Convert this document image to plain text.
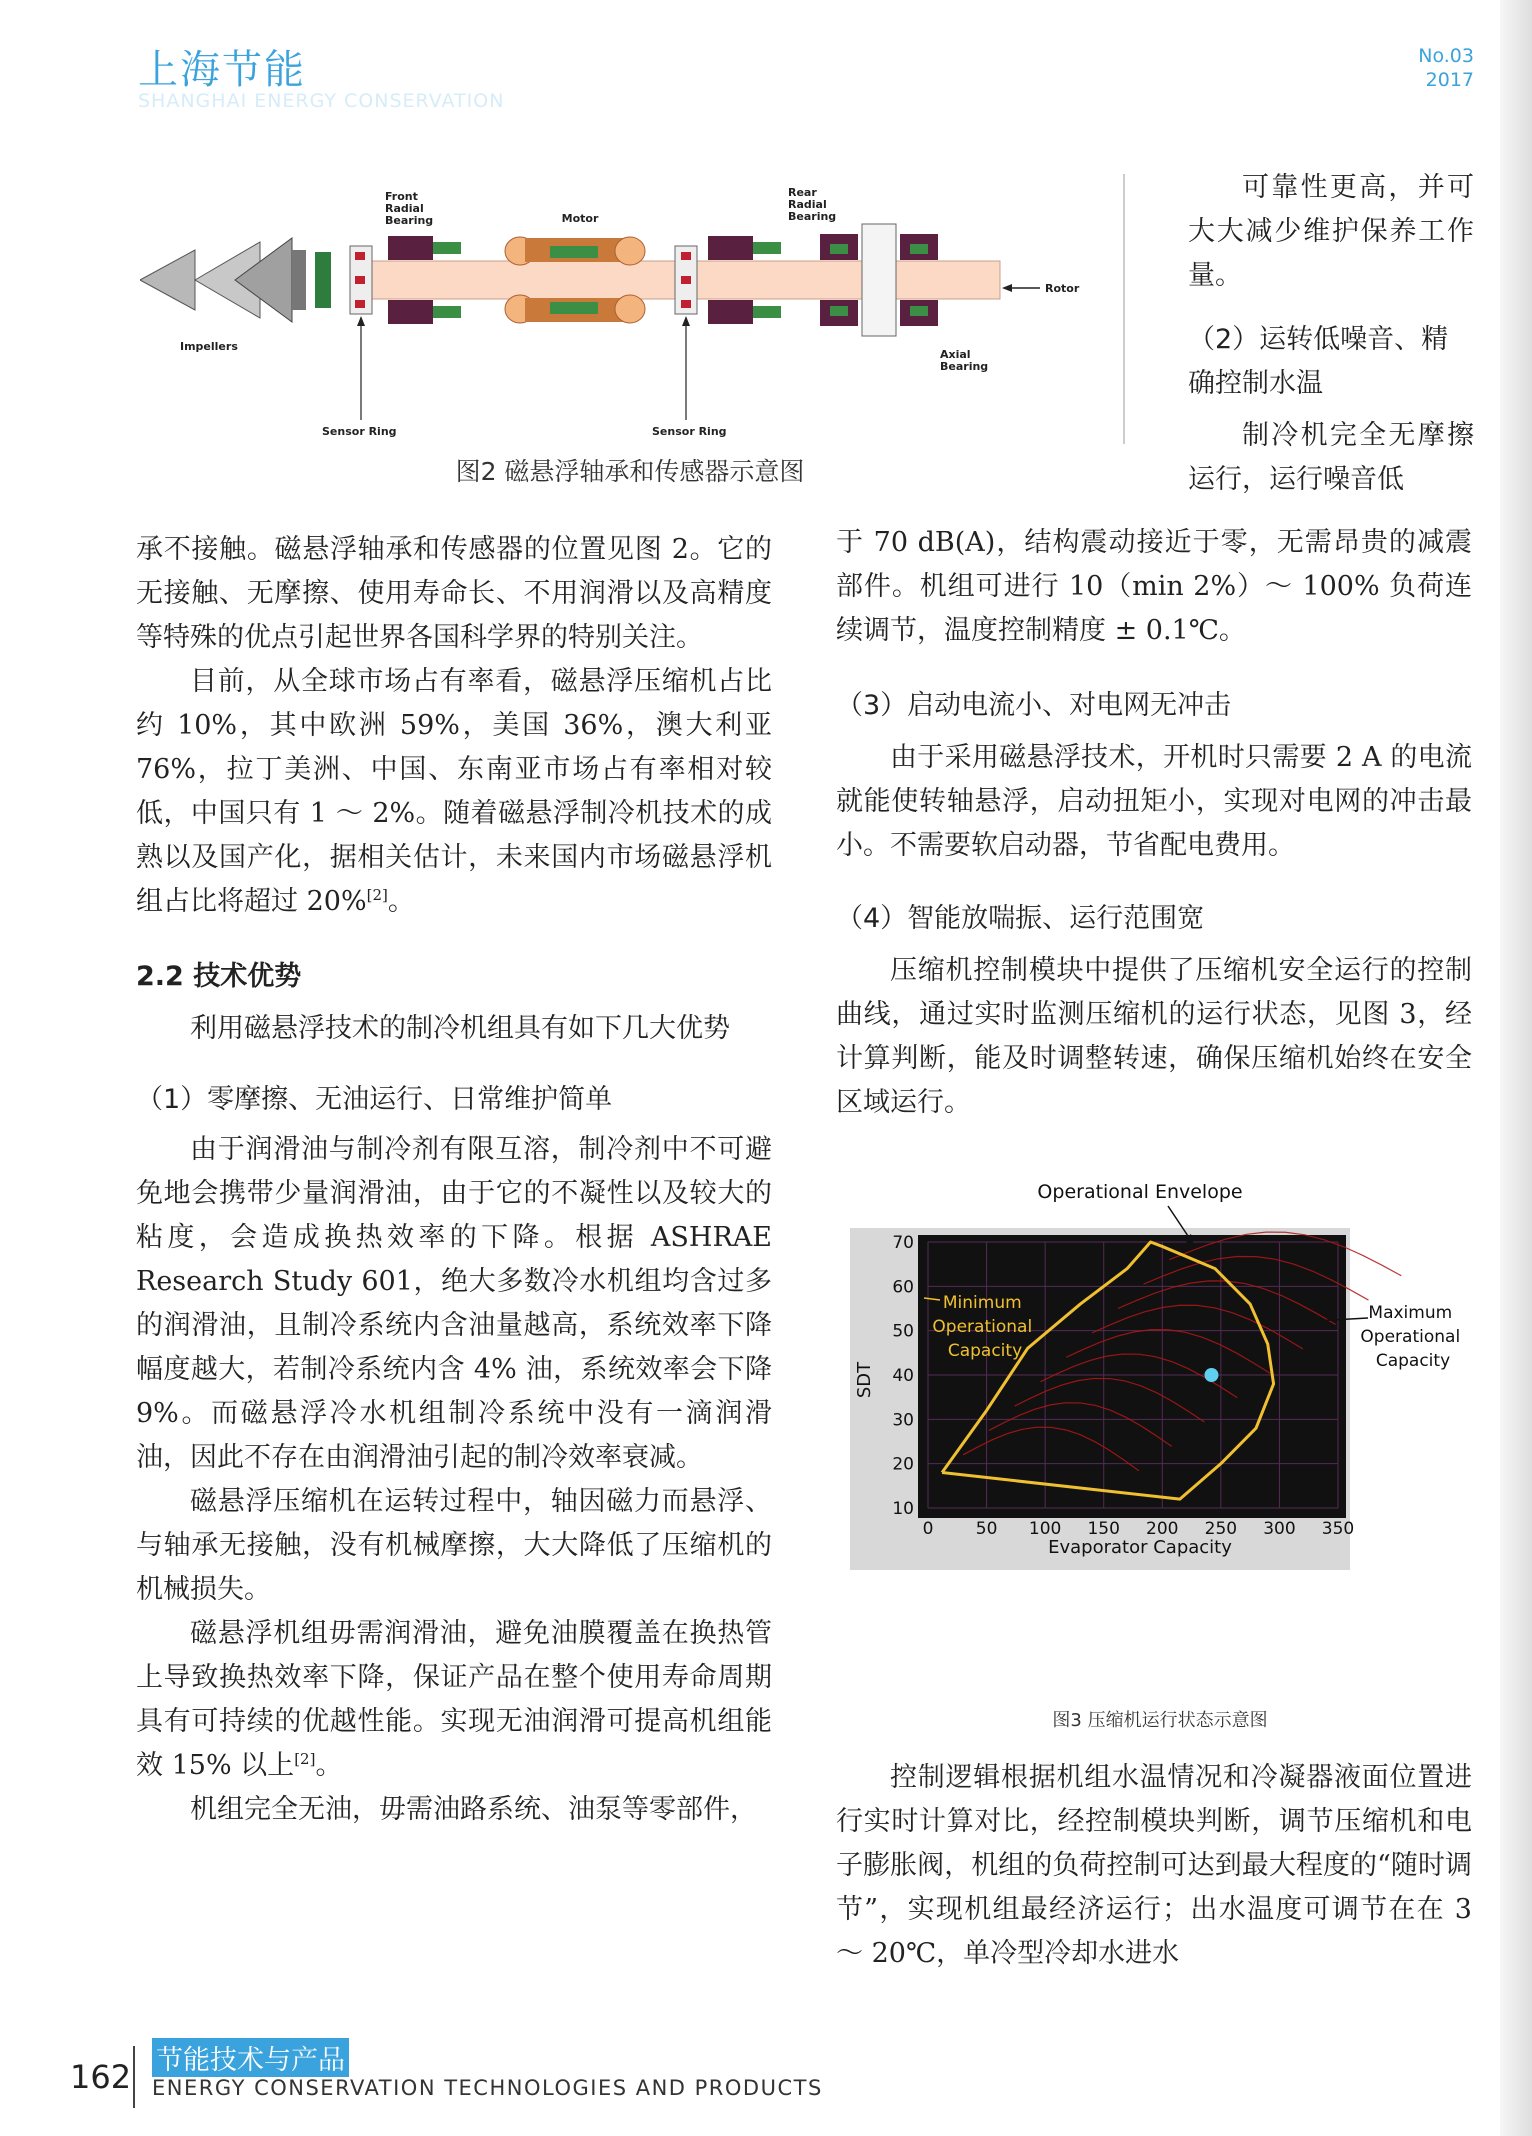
上海节能
SHANGHAI ENERGY CONSERVATION
No.03
2017
Front Radial Bearing	Motor
Rear Radial Bearing
Rotor
Impellers
Axial Bearing
Sensor Ring	Sensor Ring
图2 磁悬浮轴承和传感器示意图

承不接触。磁悬浮轴承和传感器的位置见图 2。它的无接触、无摩擦、使用寿命长、不用润滑以及高精度等特殊的优点引起世界各国科学界的特别关注。

目前，从全球市场占有率看，磁悬浮压缩机占比约 10%，其中欧洲 59%，美国 36%，澳大利亚 76%，拉丁美洲、中国、东南亚市场占有率相对较低，中国只有 1 ～ 2%。随着磁悬浮制冷机技术的成熟以及国产化，据相关估计，未来国内市场磁悬浮机组占比将超过 20%[2]。

2.2 技术优势

利用磁悬浮技术的制冷机组具有如下几大优势

（1）零摩擦、无油运行、日常维护简单

由于润滑油与制冷剂有限互溶，制冷剂中不可避免地会携带少量润滑油，由于它的不凝性以及较大的粘度，会造成换热效率的下降。根据 ASHRAE Research Study 601，绝大多数冷水机组均含过多的润滑油，且制冷系统内含油量越高，系统效率下降幅度越大，若制冷系统内含 4% 油，系统效率会下降 9%。而磁悬浮冷水机组制冷系统中没有一滴润滑油，因此不存在由润滑油引起的制冷效率衰减。

磁悬浮压缩机在运转过程中，轴因磁力而悬浮、与轴承无接触，没有机械摩擦，大大降低了压缩机的机械损失。

磁悬浮机组毋需润滑油，避免油膜覆盖在换热管上导致换热效率下降，保证产品在整个使用寿命周期具有可持续的优越性能。实现无油润滑可提高机组能效 15% 以上[2]。

机组完全无油，毋需油路系统、油泵等零部件，

可靠性更高，并可大大减少维护保养工作量。

（2）运转低噪音、精确控制水温

制冷机完全无摩擦运行，运行噪音低

于 70 dB(A)，结构震动接近于零，无需昂贵的减震部件。机组可进行 10（min 2%）～ 100% 负荷连续调节，温度控制精度 ± 0.1℃。

（3）启动电流小、对电网无冲击

由于采用磁悬浮技术，开机时只需要 2 A 的电流就能使转轴悬浮，启动扭矩小，实现对电网的冲击最小。不需要软启动器，节省配电费用。

（4）智能放喘振、运行范围宽

压缩机控制模块中提供了压缩机安全运行的控制曲线，通过实时监测压缩机的运行状态，见图 3，经计算判断，能及时调整转速，确保压缩机始终在安全区域运行。

0 50 100 150 200 250 300 350
10
20
30
40
50
60
70
Evaporator Capacity
SDT
Operational Envelope
Minimum Operational Capacity
Maximum Operational Capacity
图3 压缩机运行状态示意图

控制逻辑根据机组水温情况和冷凝器液面位置进行实时计算对比，经控制模块判断，调节压缩机和电子膨胀阀，机组的负荷控制可达到最大程度的“随时调节”，实现机组最经济运行；出水温度可调节在在 3 ～ 20℃，单冷型冷却水进水

162 节能技术与产品
ENERGY CONSERVATION TECHNOLOGIES AND PRODUCTS
